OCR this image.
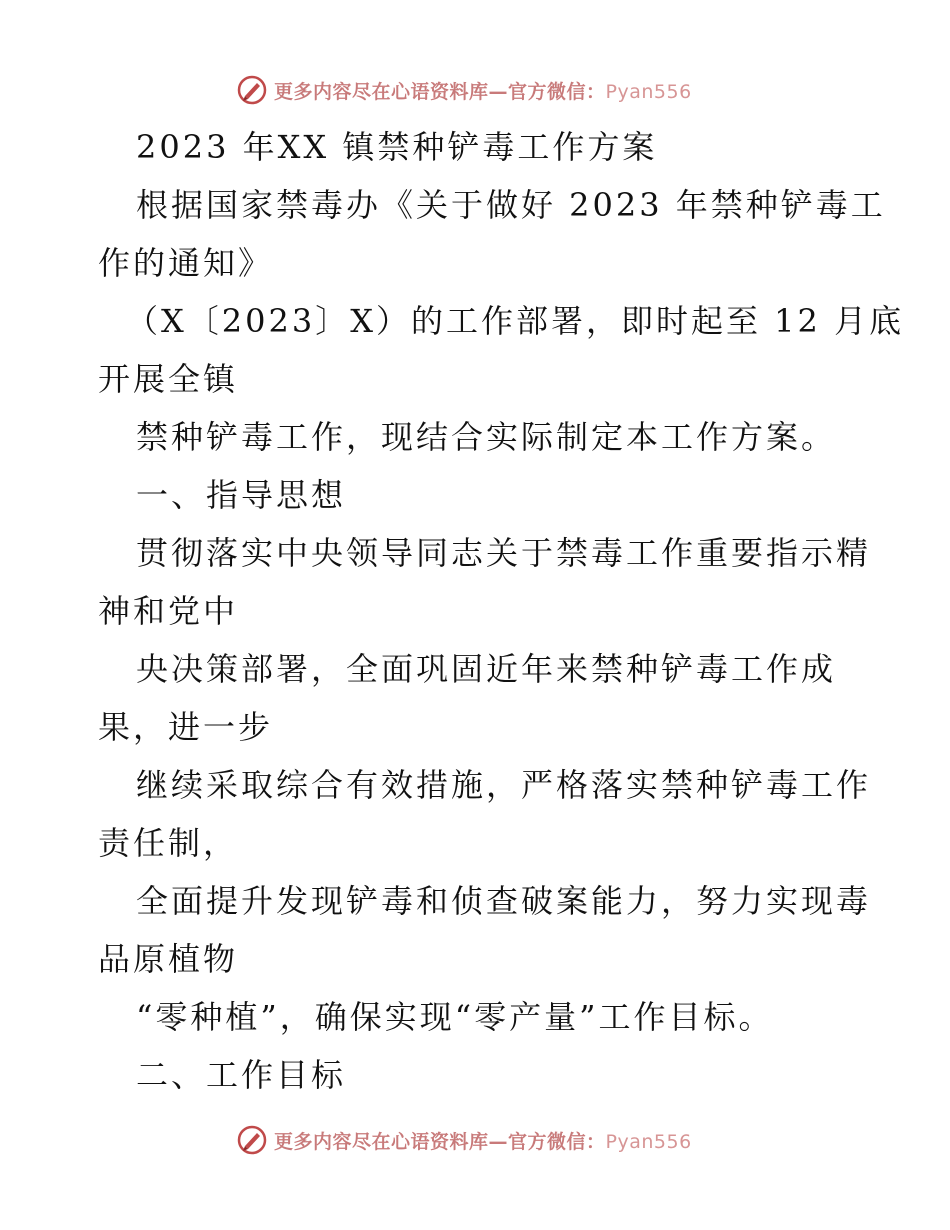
更多内容尽在心语资料库—官方微信：Pyan556
2023 年XX 镇禁种铲毒工作方案
根据国家禁毒办《关于做好 2023 年禁种铲毒工
作的通知》
（X〔2023〕X）的工作部署，即时起至 12 月底
开展全镇
禁种铲毒工作，现结合实际制定本工作方案。
一、指导思想
贯彻落实中央领导同志关于禁毒工作重要指示精
神和党中
央决策部署，全面巩固近年来禁种铲毒工作成
果，进一步
继续采取综合有效措施，严格落实禁种铲毒工作
责任制，
全面提升发现铲毒和侦查破案能力，努力实现毒
品原植物
“零种植”，确保实现“零产量”工作目标。
二、工作目标
更多内容尽在心语资料库—官方微信：Pyan556
